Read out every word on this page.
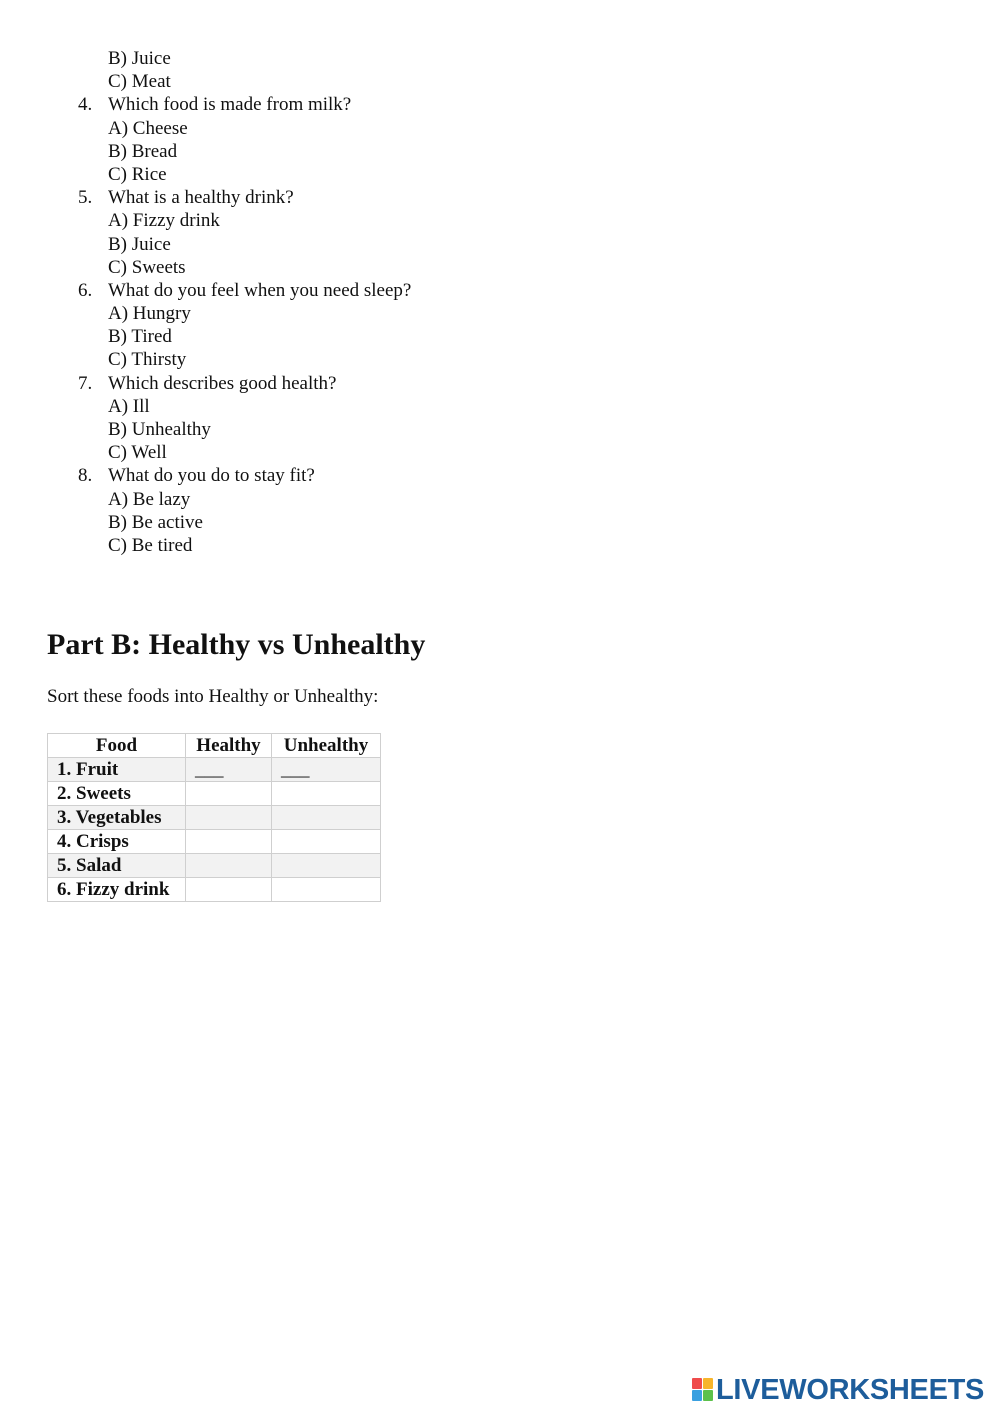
B) Juice
C) Meat
4. Which food is made from milk?
A) Cheese
B) Bread
C) Rice
5. What is a healthy drink?
A) Fizzy drink
B) Juice
C) Sweets
6. What do you feel when you need sleep?
A) Hungry
B) Tired
C) Thirsty
7. Which describes good health?
A) Ill
B) Unhealthy
C) Well
8. What do you do to stay fit?
A) Be lazy
B) Be active
C) Be tired
Part B: Healthy vs Unhealthy

Sort these foods into Healthy or Unhealthy:

Food	Healthy	Unhealthy
1. Fruit	___	___
2. Sweets		
3. Vegetables		
4. Crisps		
5. Salad		
6. Fizzy drink		
LIVEWORKSHEETS
